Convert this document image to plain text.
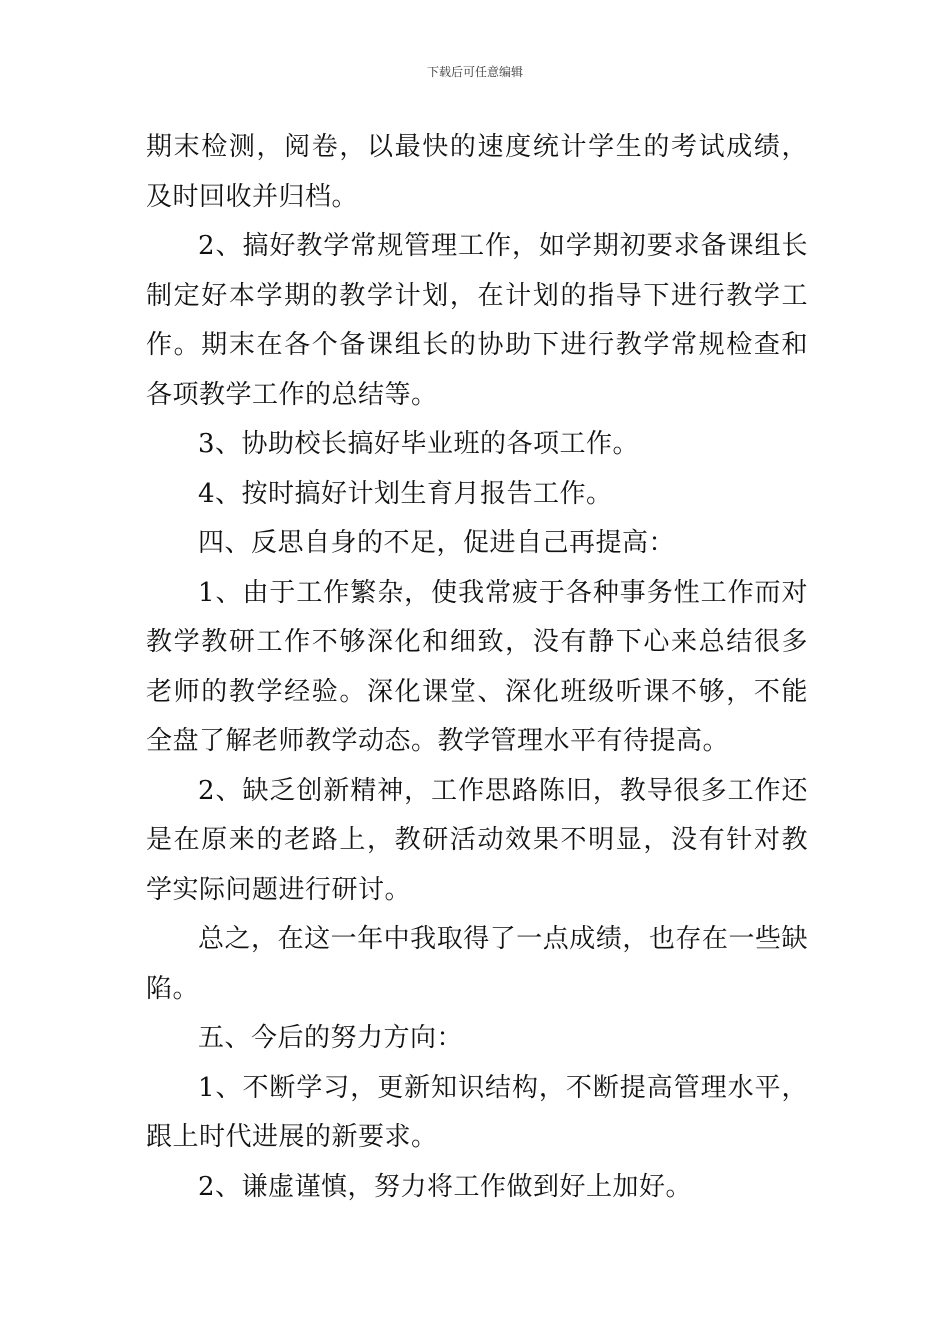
下载后可任意编辑

期末检测，阅卷，以最快的速度统计学生的考试成绩，及时回收并归档。

2、搞好教学常规管理工作，如学期初要求备课组长制定好本学期的教学计划，在计划的指导下进行教学工作。期末在各个备课组长的协助下进行教学常规检查和各项教学工作的总结等。

3、协助校长搞好毕业班的各项工作。

4、按时搞好计划生育月报告工作。

四、反思自身的不足，促进自己再提高：

1、由于工作繁杂，使我常疲于各种事务性工作而对教学教研工作不够深化和细致，没有静下心来总结很多老师的教学经验。深化课堂、深化班级听课不够，不能全盘了解老师教学动态。教学管理水平有待提高。

2、缺乏创新精神，工作思路陈旧，教导很多工作还是在原来的老路上，教研活动效果不明显，没有针对教学实际问题进行研讨。

总之，在这一年中我取得了一点成绩，也存在一些缺陷。

五、今后的努力方向：

1、不断学习，更新知识结构，不断提高管理水平，跟上时代进展的新要求。

2、谦虚谨慎，努力将工作做到好上加好。
